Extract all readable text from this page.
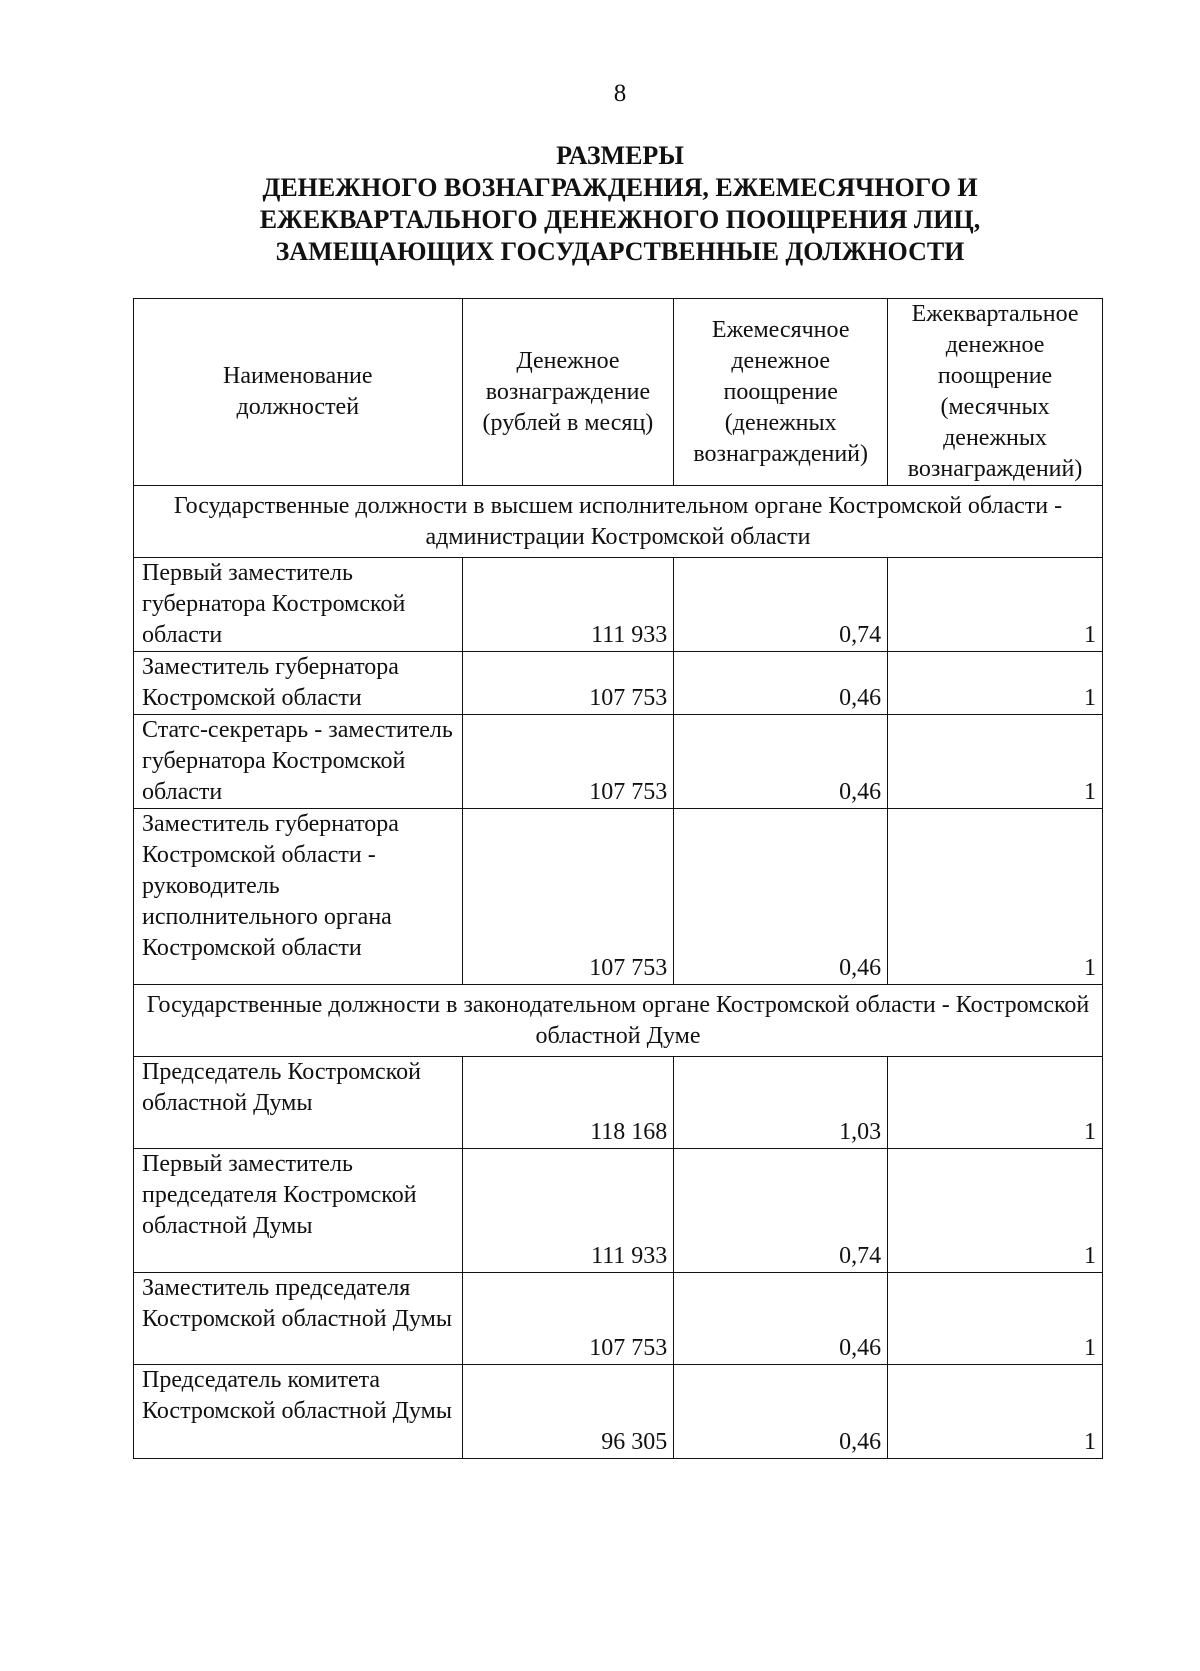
8
РАЗМЕРЫ
ДЕНЕЖНОГО ВОЗНАГРАЖДЕНИЯ, ЕЖЕМЕСЯЧНОГО И
ЕЖЕКВАРТАЛЬНОГО ДЕНЕЖНОГО ПООЩРЕНИЯ ЛИЦ,
ЗАМЕЩАЮЩИХ ГОСУДАРСТВЕННЫЕ ДОЛЖНОСТИ
Наименование должностей	Денежное вознаграждение (рублей в месяц)	Ежемесячное денежное поощрение (денежных вознаграждений)	Ежеквартальное денежное поощрение (месячных денежных вознаграждений)
Государственные должности в высшем исполнительном органе Костромской области - администрации Костромской области			
Первый заместитель губернатора Костромской области	111 933	0,74	1
Заместитель губернатора Костромской области	107 753	0,46	1
Статс-секретарь - заместитель губернатора Костромской области	107 753	0,46	1
Заместитель губернатора Костромской области - руководитель исполнительного органа Костромской области	107 753	0,46	1
Государственные должности в законодательном органе Костромской области - Костромской областной Думе			
Председатель Костромской областной Думы	118 168	1,03	1
Первый заместитель председателя Костромской областной Думы	111 933	0,74	1
Заместитель председателя Костромской областной Думы	107 753	0,46	1
Председатель комитета Костромской областной Думы	96 305	0,46	1
